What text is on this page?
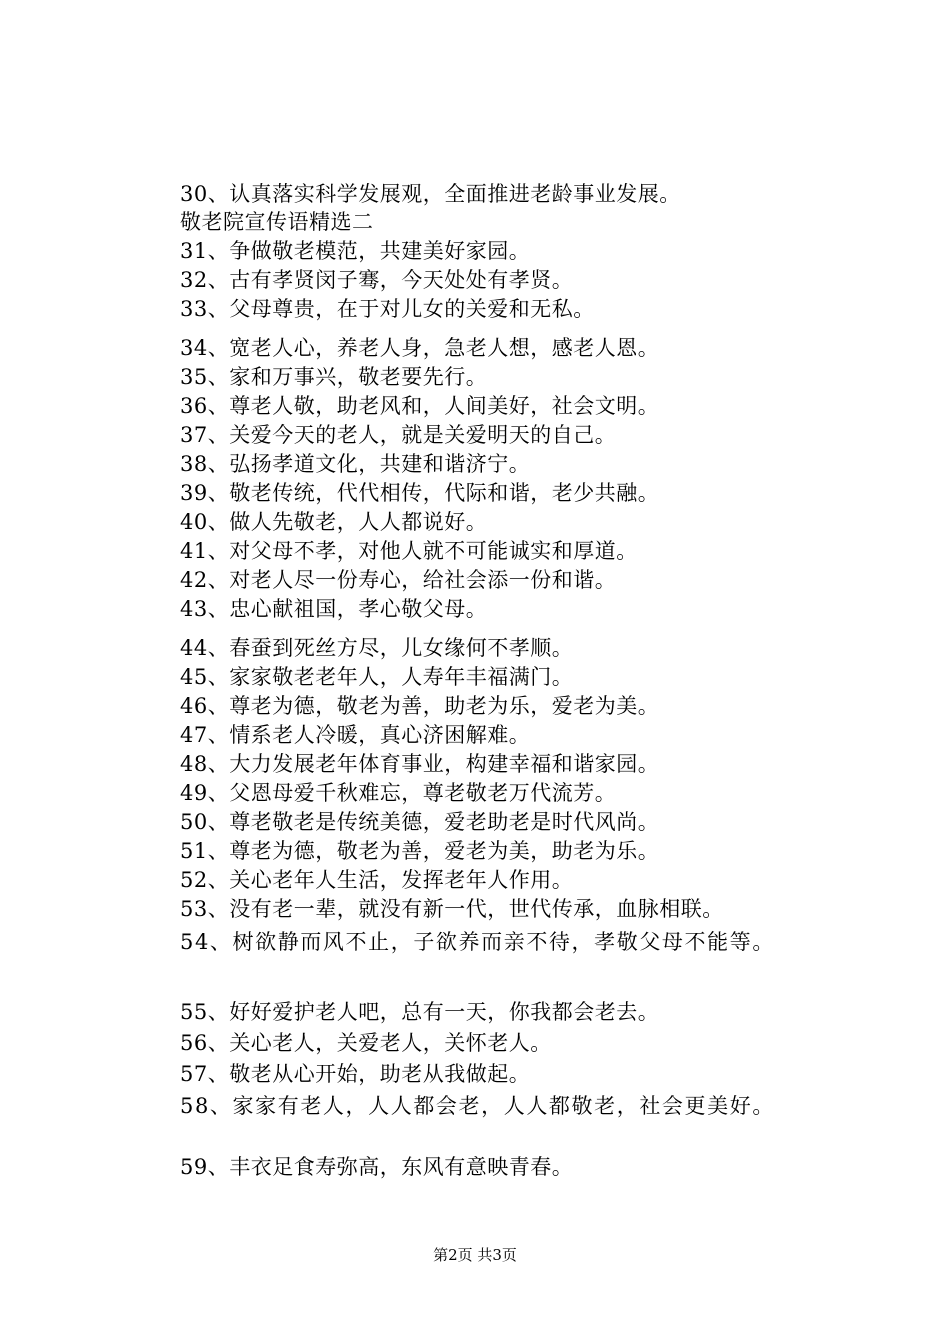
30、认真落实科学发展观，全面推进老龄事业发展。
敬老院宣传语精选二
31、争做敬老模范，共建美好家园。
32、古有孝贤闵子骞，今天处处有孝贤。
33、父母尊贵，在于对儿女的关爱和无私。
34、宽老人心，养老人身，急老人想，感老人恩。
35、家和万事兴，敬老要先行。
36、尊老人敬，助老风和，人间美好，社会文明。
37、关爱今天的老人，就是关爱明天的自己。
38、弘扬孝道文化，共建和谐济宁。
39、敬老传统，代代相传，代际和谐，老少共融。
40、做人先敬老，人人都说好。
41、对父母不孝，对他人就不可能诚实和厚道。
42、对老人尽一份寿心，给社会添一份和谐。
43、忠心献祖国，孝心敬父母。
44、春蚕到死丝方尽，儿女缘何不孝顺。
45、家家敬老老年人，人寿年丰福满门。
46、尊老为德，敬老为善，助老为乐，爱老为美。
47、情系老人冷暖，真心济困解难。
48、大力发展老年体育事业，构建幸福和谐家园。
49、父恩母爱千秋难忘，尊老敬老万代流芳。
50、尊老敬老是传统美德，爱老助老是时代风尚。
51、尊老为德，敬老为善，爱老为美，助老为乐。
52、关心老年人生活，发挥老年人作用。
53、没有老一辈，就没有新一代，世代传承，血脉相联。
54、树欲静而风不止，子欲养而亲不待，孝敬父母不能等。
55、好好爱护老人吧，总有一天，你我都会老去。
56、关心老人，关爱老人，关怀老人。
57、敬老从心开始，助老从我做起。
58、家家有老人，人人都会老，人人都敬老，社会更美好。
59、丰衣足食寿弥高，东风有意映青春。
第2页 共3页
